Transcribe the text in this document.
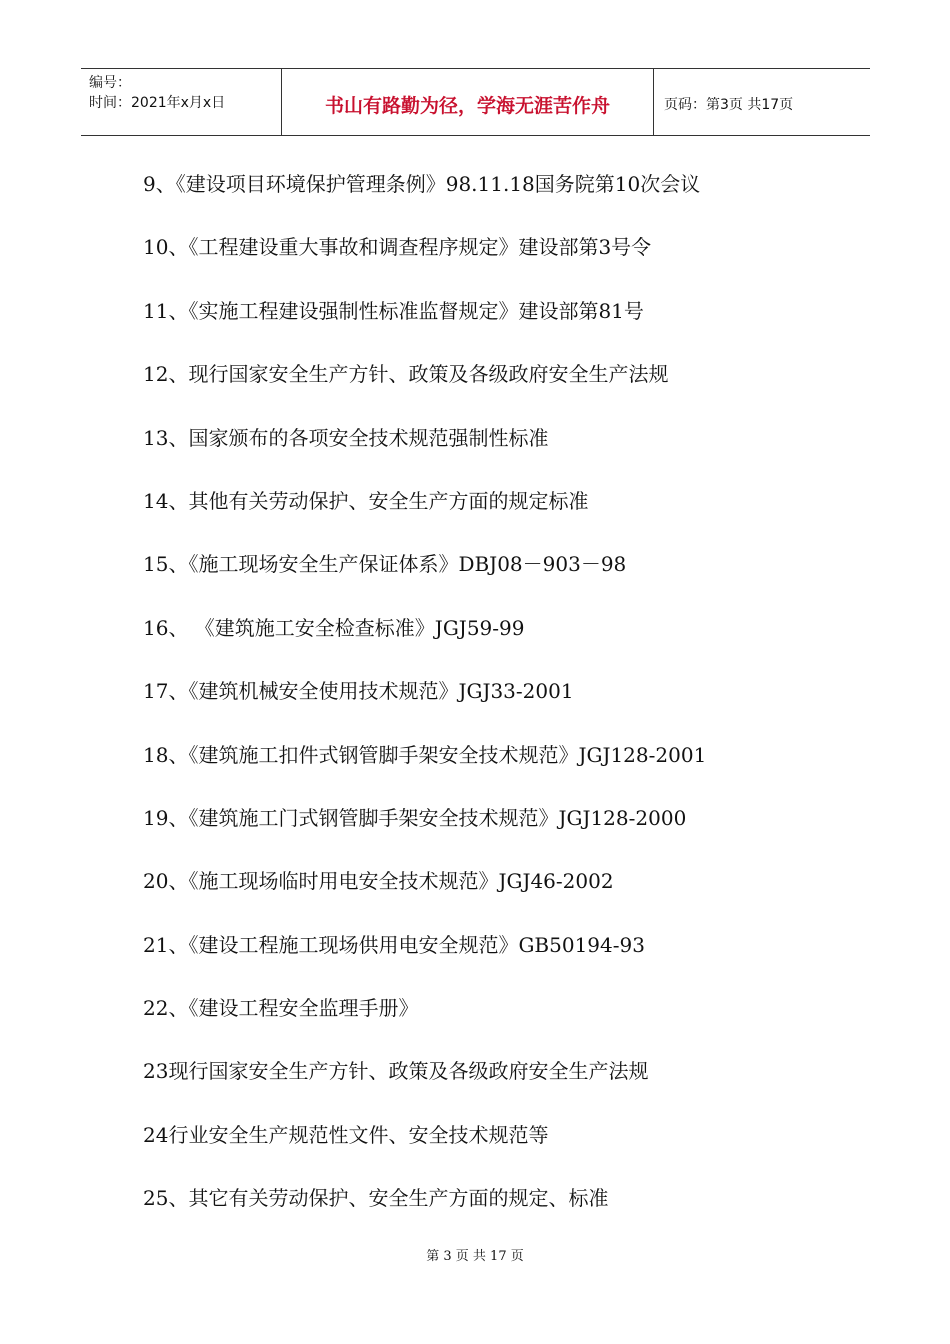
编号：
时间：2021年x月x日	书山有路勤为径，学海无涯苦作舟	页码：第3页 共17页
9、《建设项目环境保护管理条例》98.11.18国务院第10次会议
10、《工程建设重大事故和调查程序规定》建设部第3号令
11、《实施工程建设强制性标准监督规定》建设部第81号
12、现行国家安全生产方针、政策及各级政府安全生产法规
13、国家颁布的各项安全技术规范强制性标准
14、其他有关劳动保护、安全生产方面的规定标准
15、《施工现场安全生产保证体系》DBJ08－903－98
16、 《建筑施工安全检查标准》JGJ59-99
17、《建筑机械安全使用技术规范》JGJ33-2001
18、《建筑施工扣件式钢管脚手架安全技术规范》JGJ128-2001
19、《建筑施工门式钢管脚手架安全技术规范》JGJ128-2000
20、《施工现场临时用电安全技术规范》JGJ46-2002
21、《建设工程施工现场供用电安全规范》GB50194-93
22、《建设工程安全监理手册》
23现行国家安全生产方针、政策及各级政府安全生产法规
24行业安全生产规范性文件、安全技术规范等
25、其它有关劳动保护、安全生产方面的规定、标准
第 3 页 共 17 页
